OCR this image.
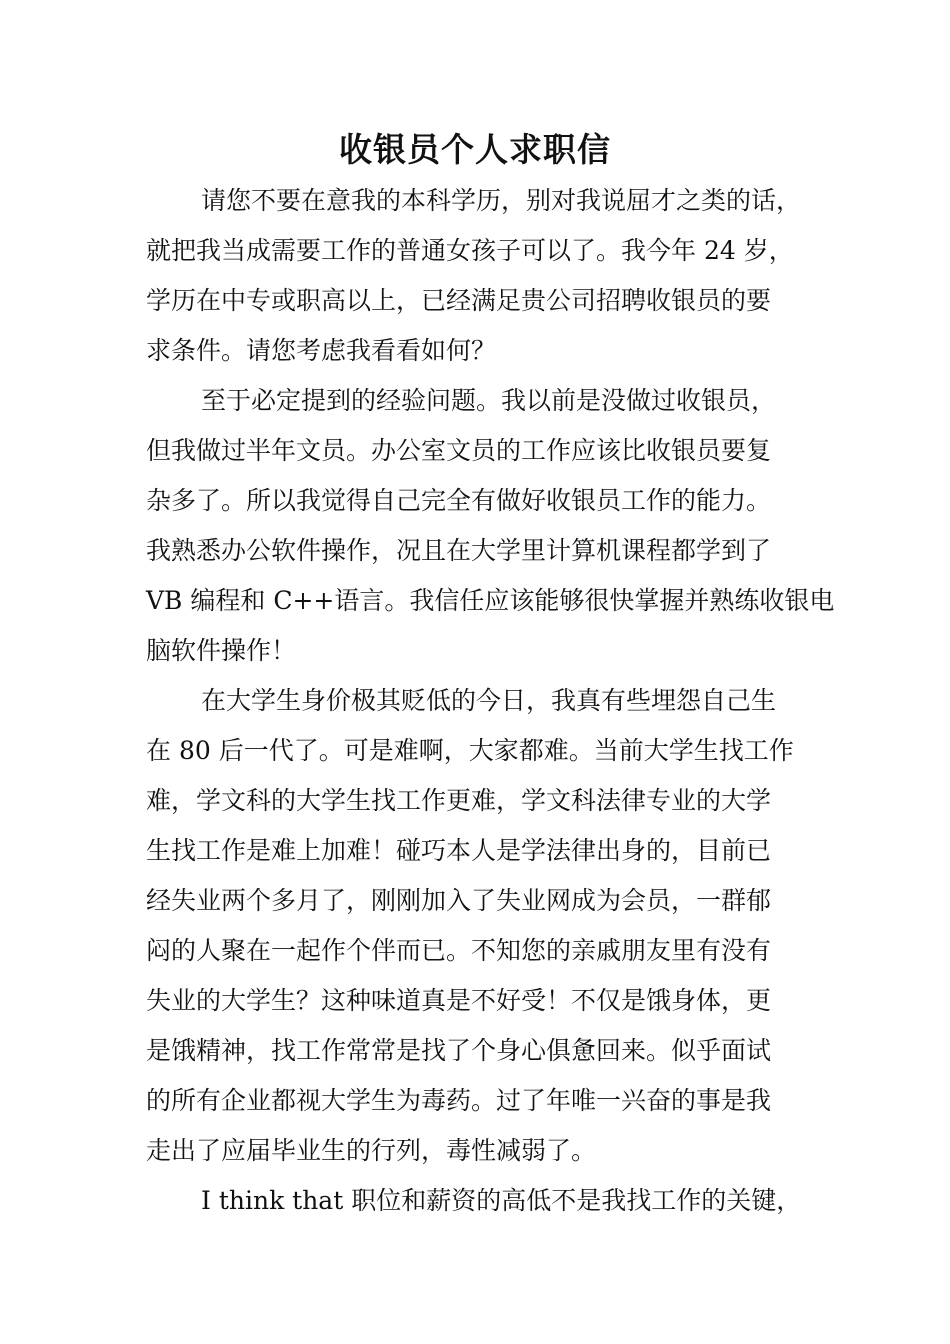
收银员个人求职信
请您不要在意我的本科学历，别对我说屈才之类的话，
就把我当成需要工作的普通女孩子可以了。我今年 24 岁，
学历在中专或职高以上，已经满足贵公司招聘收银员的要
求条件。请您考虑我看看如何？
至于必定提到的经验问题。我以前是没做过收银员，
但我做过半年文员。办公室文员的工作应该比收银员要复
杂多了。所以我觉得自己完全有做好收银员工作的能力。
我熟悉办公软件操作，况且在大学里计算机课程都学到了
VB 编程和 C++语言。我信任应该能够很快掌握并熟练收银电
脑软件操作！
在大学生身价极其贬低的今日，我真有些埋怨自己生
在 80 后一代了。可是难啊，大家都难。当前大学生找工作
难，学文科的大学生找工作更难，学文科法律专业的大学
生找工作是难上加难！碰巧本人是学法律出身的，目前已
经失业两个多月了，刚刚加入了失业网成为会员，一群郁
闷的人聚在一起作个伴而已。不知您的亲戚朋友里有没有
失业的大学生？这种味道真是不好受！不仅是饿身体，更
是饿精神，找工作常常是找了个身心俱惫回来。似乎面试
的所有企业都视大学生为毒药。过了年唯一兴奋的事是我
走出了应届毕业生的行列，毒性减弱了。
I think that 职位和薪资的高低不是我找工作的关键，
